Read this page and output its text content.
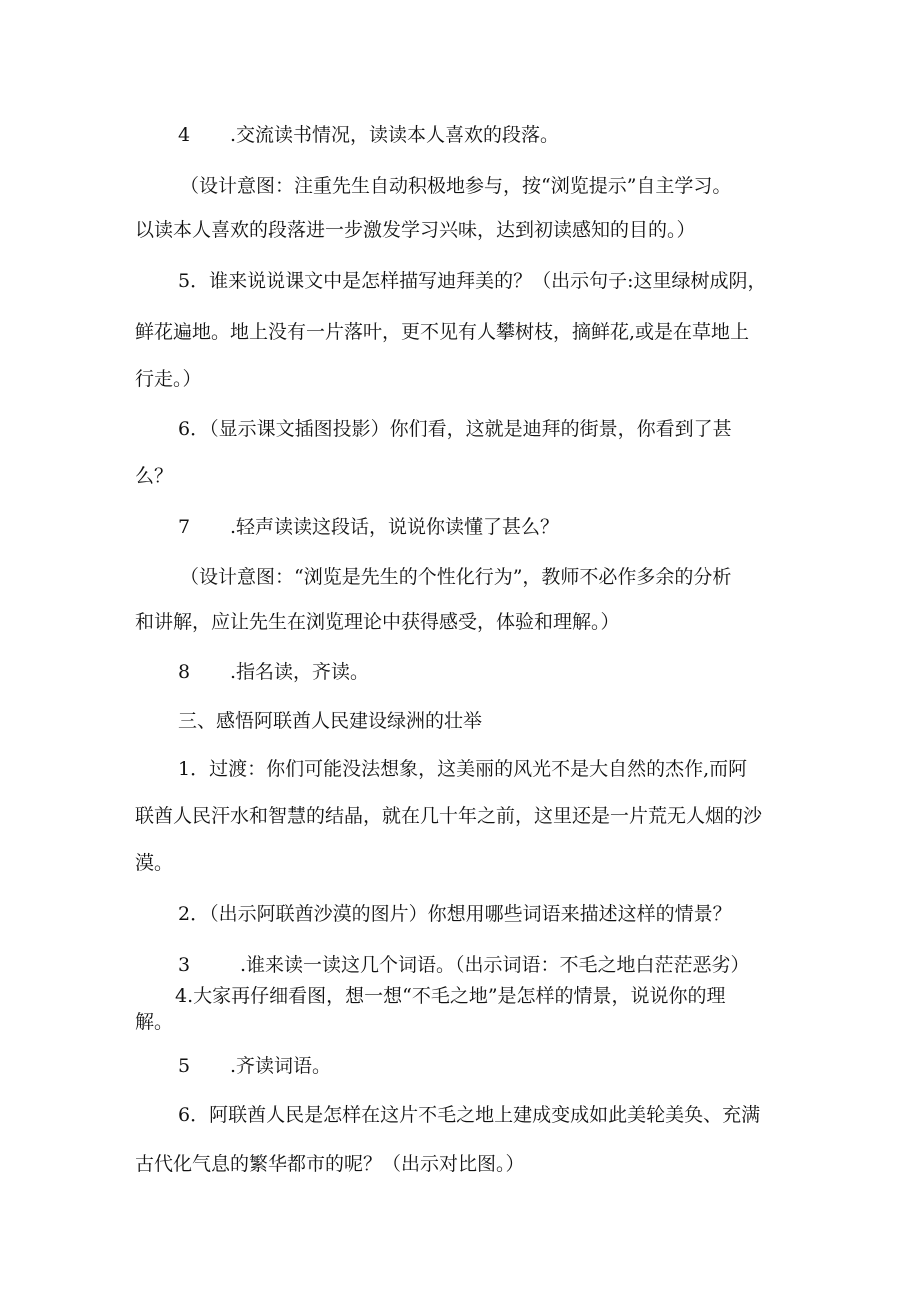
4 .交流读书情况，读读本人喜欢的段落。
（设计意图：注重先生自动积极地参与，按“浏览提示”自主学习。
以读本人喜欢的段落进一步激发学习兴味，达到初读感知的目的。）
5．谁来说说课文中是怎样描写迪拜美的？（出示句子:这里绿树成阴，
鲜花遍地。地上没有一片落叶，更不见有人攀树枝，摘鲜花,或是在草地上
行走。）
6．（显示课文插图投影）你们看，这就是迪拜的街景，你看到了甚
么？
7 .轻声读读这段话，说说你读懂了甚么？
（设计意图：“浏览是先生的个性化行为”，教师不必作多余的分析
和讲解，应让先生在浏览理论中获得感受，体验和理解。）
8 .指名读，齐读。
三、感悟阿联酋人民建设绿洲的壮举
1．过渡：你们可能没法想象，这美丽的风光不是大自然的杰作,而阿
联酋人民汗水和智慧的结晶，就在几十年之前，这里还是一片荒无人烟的沙
漠。
2．（出示阿联酋沙漠的图片）你想用哪些词语来描述这样的情景？
3	.谁来读一读这几个词语。（出示词语：不毛之地白茫茫恶劣）
4.大家再仔细看图，想一想“不毛之地”是怎样的情景，说说你的理
解。
5 .齐读词语。
6．阿联酋人民是怎样在这片不毛之地上建成变成如此美轮美奂、充满
古代化气息的繁华都市的呢？（出示对比图。）
